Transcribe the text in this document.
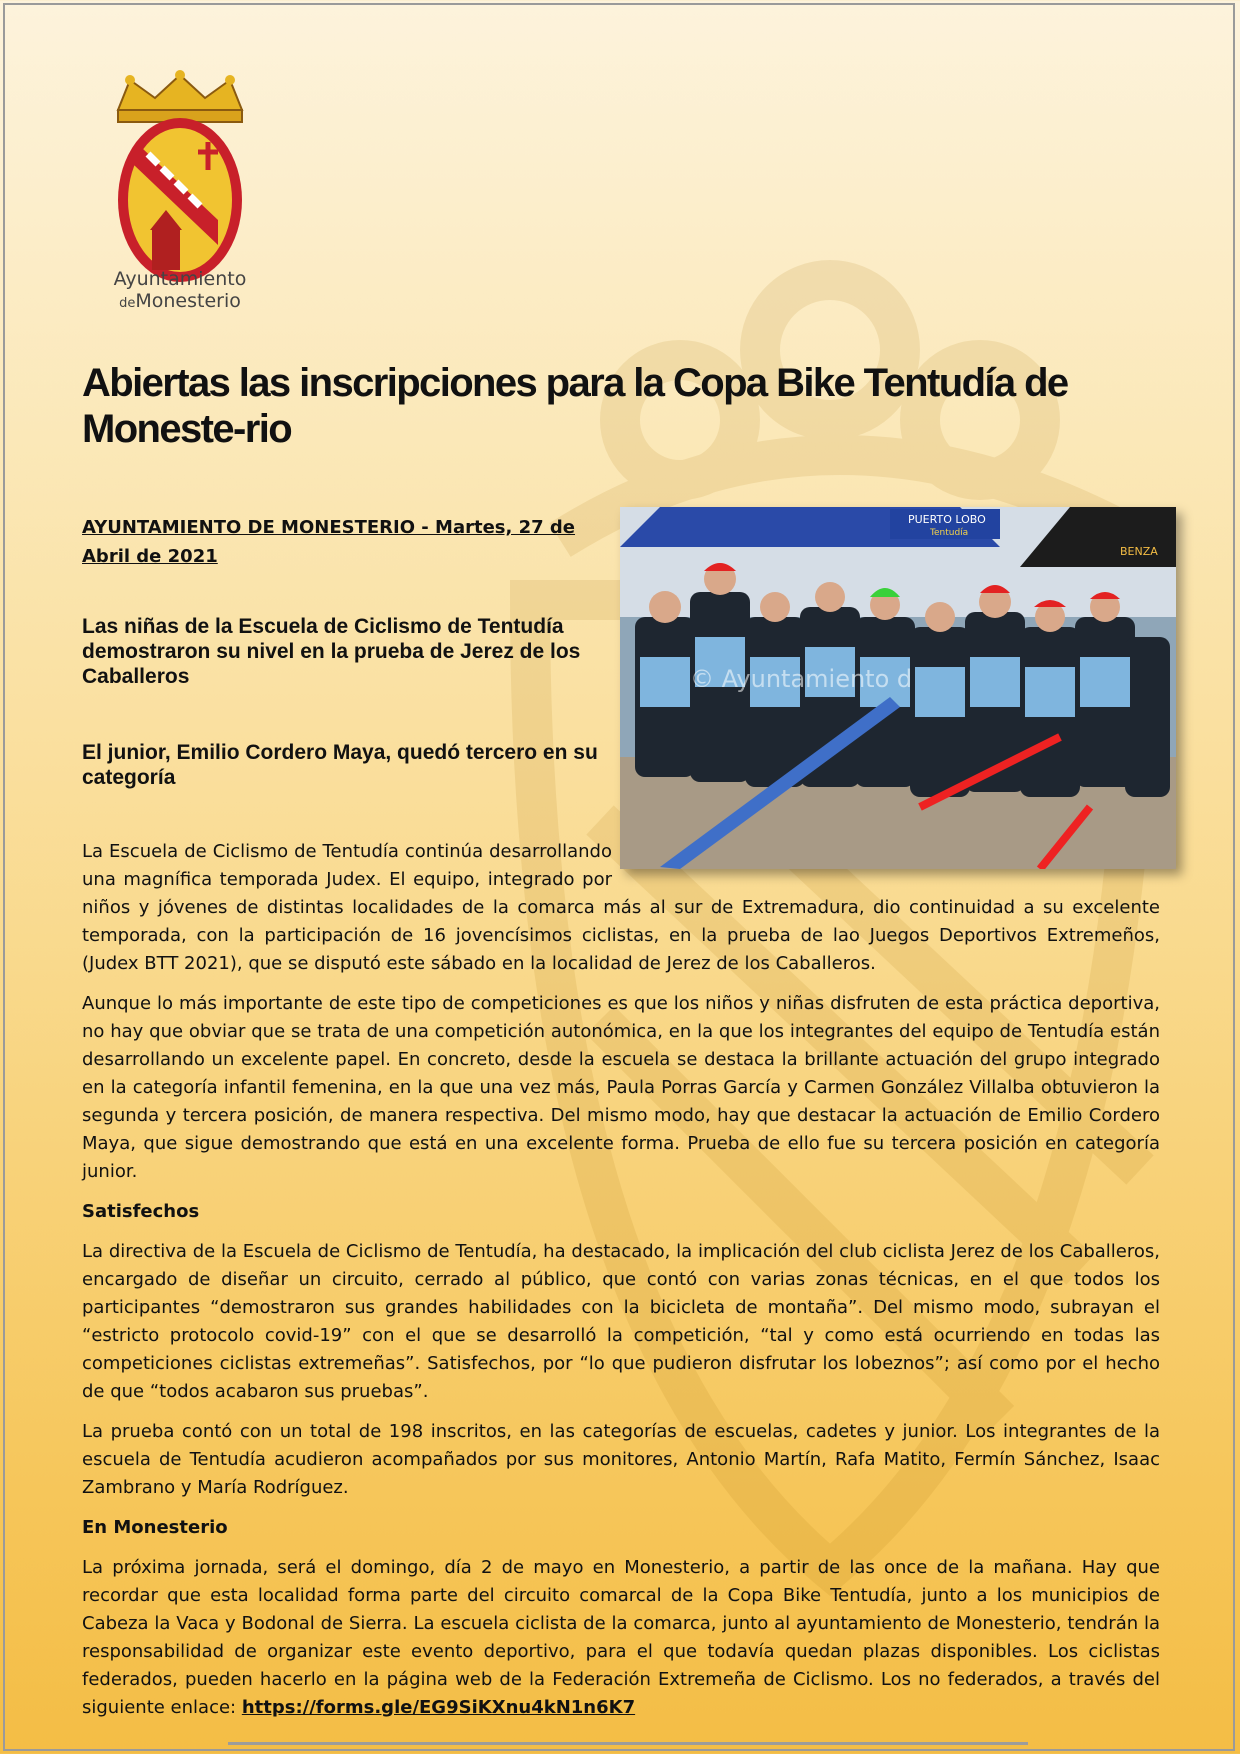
Ayuntamiento
deMonesterio
Abiertas las inscripciones para la Copa Bike Tentudía de Moneste-rio
AYUNTAMIENTO DE MONESTERIO - Martes, 27 de Abril de 2021
Las niñas de la Escuela de Ciclismo de Tentudía demostraron su nivel en la prueba de Jerez de los Caballeros
El junior, Emilio Cordero Maya, quedó tercero en su categoría
PUERTO LOBO
Tentudía
BENZA
© Ayuntamiento d

La Escuela de Ciclismo de Tentudía continúa desarrollando una magnífica temporada Judex. El equipo, integrado por niños y jóvenes de distintas localidades de la comarca más al sur de Extremadura, dio continuidad a su excelente temporada, con la participación de 16 jovencísimos ciclistas, en la prueba de lao Juegos Deportivos Extremeños, (Judex BTT 2021), que se disputó este sábado en la localidad de Jerez de los Caballeros.

Aunque lo más importante de este tipo de competiciones es que los niños y niñas disfruten de esta práctica deportiva, no hay que obviar que se trata de una competición autonómica, en la que los integrantes del equipo de Tentudía están desarrollando un excelente papel. En concreto, desde la escuela se destaca la brillante actuación del grupo integrado en la categoría infantil femenina, en la que una vez más, Paula Porras García y Carmen González Villalba obtuvieron la segunda y tercera posición, de manera respectiva. Del mismo modo, hay que destacar la actuación de Emilio Cordero Maya, que sigue demostrando que está en una excelente forma. Prueba de ello fue su tercera posición en categoría junior.

Satisfechos

La directiva de la Escuela de Ciclismo de Tentudía, ha destacado, la implicación del club ciclista Jerez de los Caballeros, encargado de diseñar un circuito, cerrado al público, que contó con varias zonas técnicas, en el que todos los participantes “demostraron sus grandes habilidades con la bicicleta de montaña”. Del mismo modo, subrayan el “estricto protocolo covid-19” con el que se desarrolló la competición, “tal y como está ocurriendo en todas las competiciones ciclistas extremeñas”. Satisfechos, por “lo que pudieron disfrutar los lobeznos”; así como por el hecho de que “todos acabaron sus pruebas”.

La prueba contó con un total de 198 inscritos, en las categorías de escuelas, cadetes y junior. Los integrantes de la escuela de Tentudía acudieron acompañados por sus monitores, Antonio Martín, Rafa Matito, Fermín Sánchez, Isaac Zambrano y María Rodríguez.

En Monesterio

La próxima jornada, será el domingo, día 2 de mayo en Monesterio, a partir de las once de la mañana. Hay que recordar que esta localidad forma parte del circuito comarcal de la Copa Bike Tentudía, junto a los municipios de Cabeza la Vaca y Bodonal de Sierra. La escuela ciclista de la comarca, junto al ayuntamiento de Monesterio, tendrán la responsabilidad de organizar este evento deportivo, para el que todavía quedan plazas disponibles. Los ciclistas federados, pueden hacerlo en la página web de la Federación Extremeña de Ciclismo. Los no federados, a través del siguiente enlace: https://forms.gle/EG9SiKXnu4kN1n6K7
